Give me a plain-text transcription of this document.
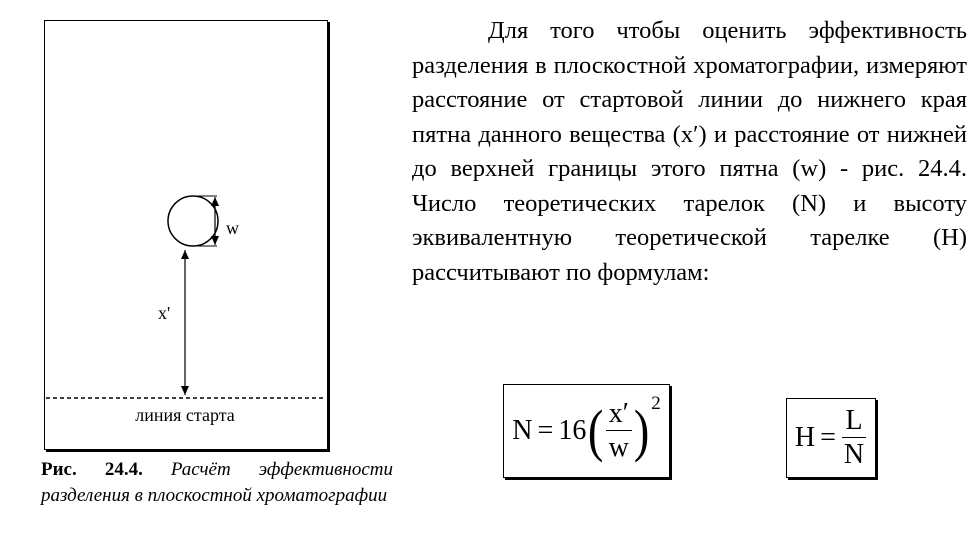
w
x'
линия старта
Рис. 24.4. Расчёт эффективности разделения в плоскостной хроматографии
Для того чтобы оценить эффективность разделения в плоскостной хроматографии, измеряют расстояние от стартовой линии до нижнего края пятна данного вещества (x′) и расстояние от нижней до верхней границы этого пятна (w) - рис. 24.4. Число теоретических тарелок (N) и высоту эквивалентную теоретической тарелке (H) рассчитывают по формулам:
N = 16 ( $\frac{x'}{w}$ ) 2
$H = \frac{L}{N}$
